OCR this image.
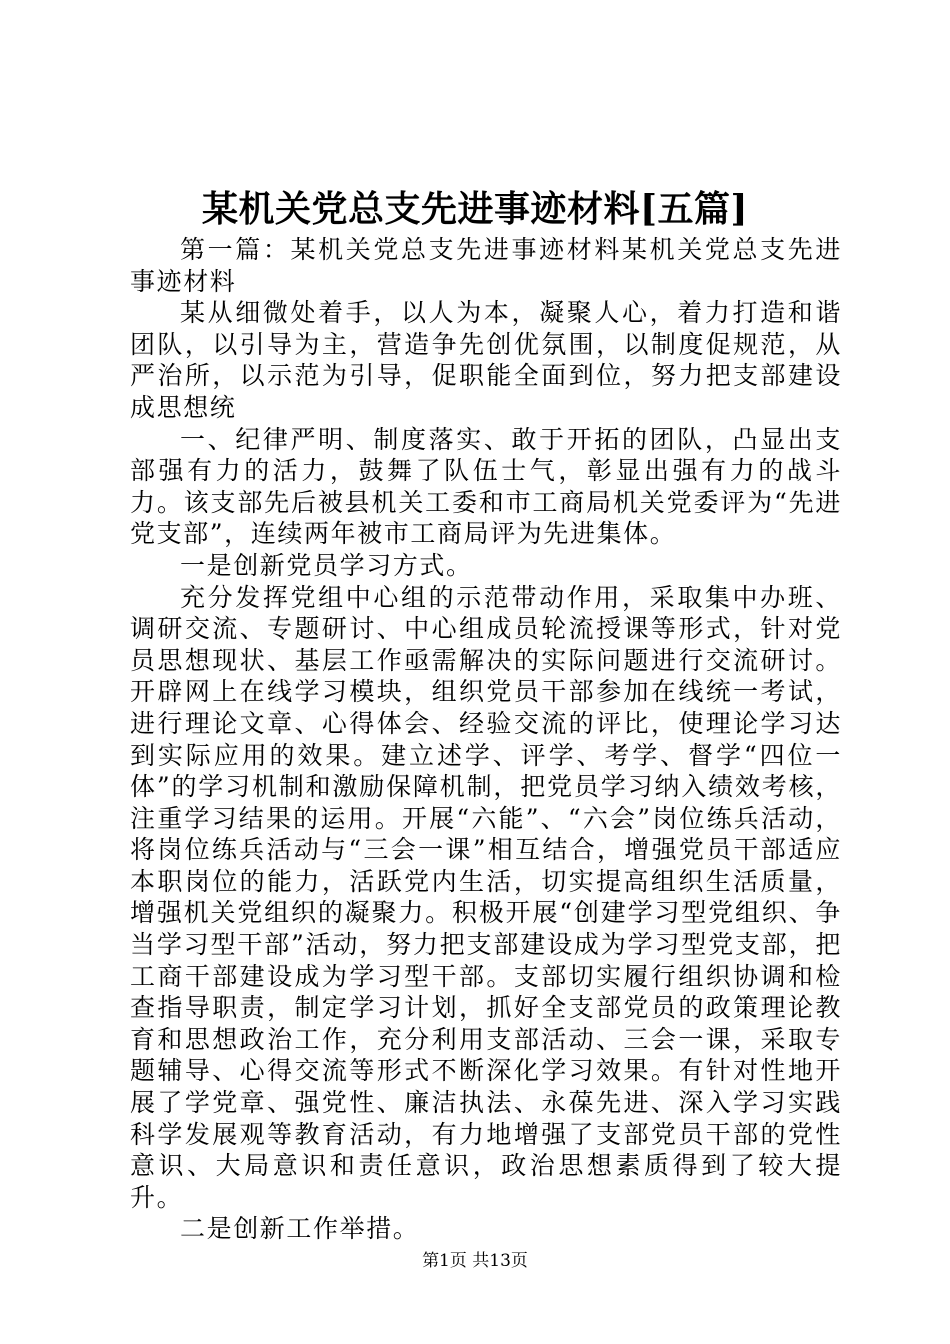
某机关党总支先进事迹材料[五篇]

第一篇：某机关党总支先进事迹材料某机关党总支先进事迹材料

某从细微处着手，以人为本，凝聚人心，着力打造和谐团队，以引导为主，营造争先创优氛围，以制度促规范，从严治所，以示范为引导，促职能全面到位，努力把支部建设成思想统

一、纪律严明、制度落实、敢于开拓的团队，凸显出支部强有力的活力，鼓舞了队伍士气，彰显出强有力的战斗力。该支部先后被县机关工委和市工商局机关党委评为“先进党支部”，连续两年被市工商局评为先进集体。

一是创新党员学习方式。

充分发挥党组中心组的示范带动作用，采取集中办班、调研交流、专题研讨、中心组成员轮流授课等形式，针对党员思想现状、基层工作亟需解决的实际问题进行交流研讨。开辟网上在线学习模块，组织党员干部参加在线统一考试，进行理论文章、心得体会、经验交流的评比，使理论学习达到实际应用的效果。建立述学、评学、考学、督学“四位一体”的学习机制和激励保障机制，把党员学习纳入绩效考核，注重学习结果的运用。开展“六能”、“六会”岗位练兵活动，将岗位练兵活动与“三会一课”相互结合，增强党员干部适应本职岗位的能力，活跃党内生活，切实提高组织生活质量，增强机关党组织的凝聚力。积极开展“创建学习型党组织、争当学习型干部”活动，努力把支部建设成为学习型党支部，把工商干部建设成为学习型干部。支部切实履行组织协调和检查指导职责，制定学习计划，抓好全支部党员的政策理论教育和思想政治工作，充分利用支部活动、三会一课，采取专题辅导、心得交流等形式不断深化学习效果。有针对性地开展了学党章、强党性、廉洁执法、永葆先进、深入学习实践科学发展观等教育活动，有力地增强了支部党员干部的党性意识、大局意识和责任意识，政治思想素质得到了较大提升。

二是创新工作举措。

第1页 共13页
